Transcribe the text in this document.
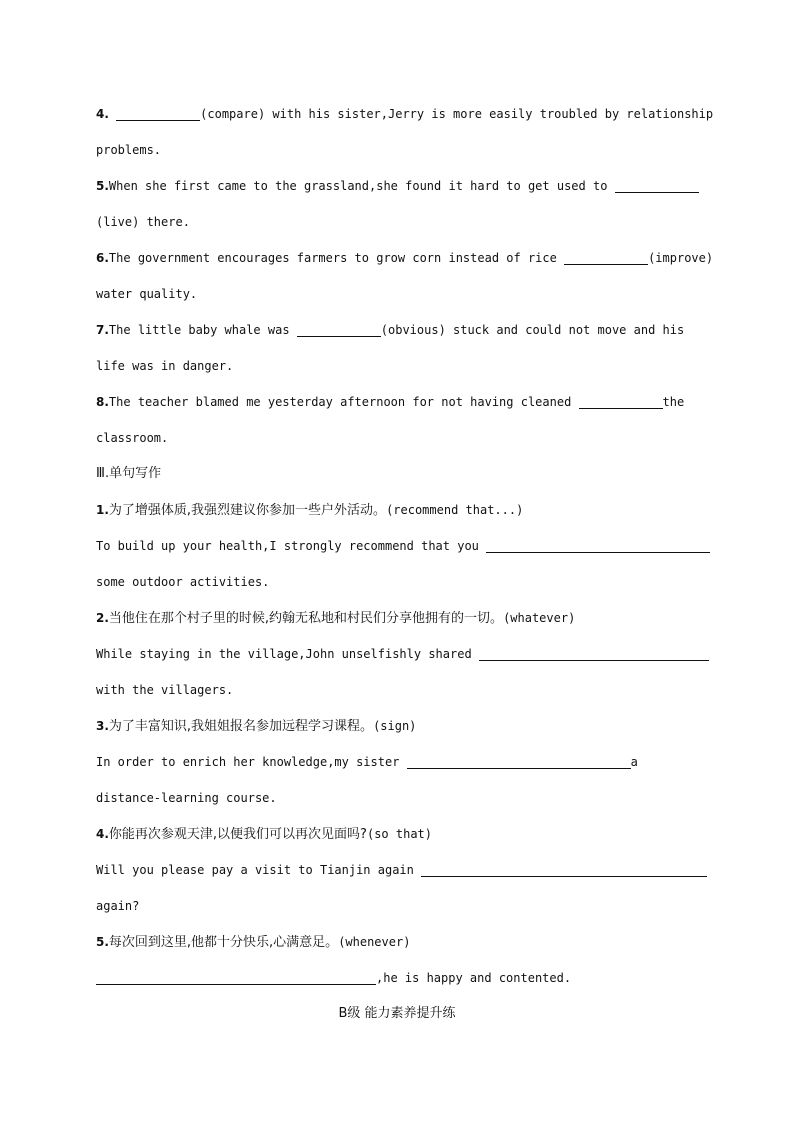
4.	(compare) with his sister,Jerry is more easily troubled by relationship
problems.
5.When she first came to the grassland,she found it hard to get used to
(live) there.
6.The government encourages farmers to grow corn instead of rice	(improve)
water quality.
7.The little baby whale was	(obvious) stuck and could not move and his
life was in danger.
8.The teacher blamed me yesterday afternoon for not having cleaned	the
classroom.
Ⅲ.单句写作
1.为了增强体质,我强烈建议你参加一些户外活动。(recommend that...)
To build up your health,I strongly recommend that you
some outdoor activities.
2.当他住在那个村子里的时候,约翰无私地和村民们分享他拥有的一切。(whatever)
While staying in the village,John unselfishly shared
with the villagers.
3.为了丰富知识,我姐姐报名参加远程学习课程。(sign)
In order to enrich her knowledge,my sister	a
distance-learning course.
4.你能再次参观天津,以便我们可以再次见面吗?(so that)
Will you please pay a visit to Tianjin again
again?
5.每次回到这里,他都十分快乐,心满意足。(whenever)
,he is happy and contented.
B级 能力素养提升练
